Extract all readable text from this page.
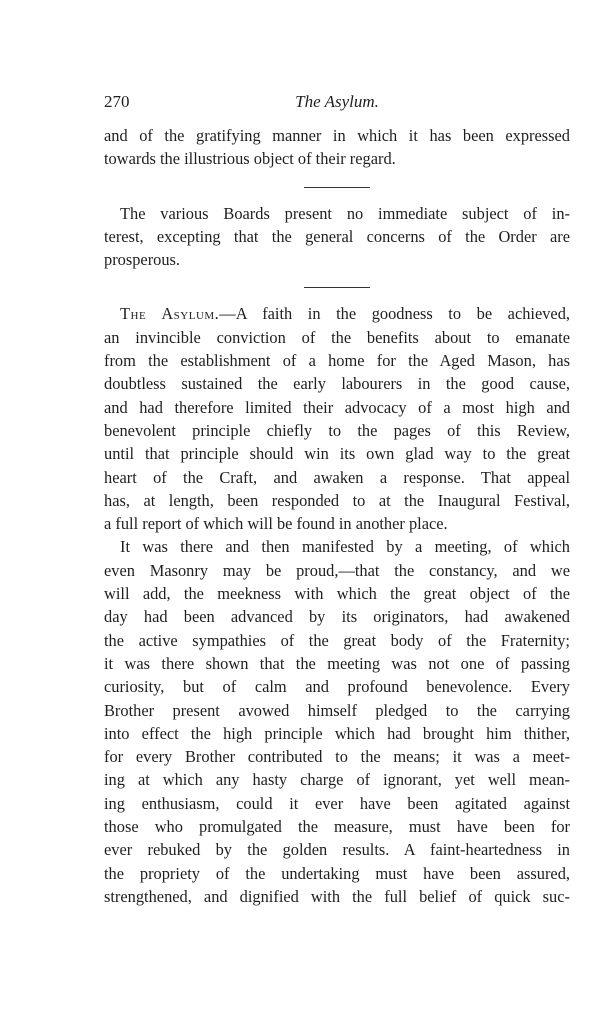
270	The Asylum.
and of the gratifying manner in which it has been expressed
towards the illustrious object of their regard.
The various Boards present no immediate subject of in-
terest, excepting that the general concerns of the Order are
prosperous.
The Asylum.—A faith in the goodness to be achieved,
an invincible conviction of the benefits about to emanate
from the establishment of a home for the Aged Mason, has
doubtless sustained the early labourers in the good cause,
and had therefore limited their advocacy of a most high and
benevolent principle chiefly to the pages of this Review,
until that principle should win its own glad way to the great
heart of the Craft, and awaken a response. That appeal
has, at length, been responded to at the Inaugural Festival,
a full report of which will be found in another place.
It was there and then manifested by a meeting, of which
even Masonry may be proud,—that the constancy, and we
will add, the meekness with which the great object of the
day had been advanced by its originators, had awakened
the active sympathies of the great body of the Fraternity;
it was there shown that the meeting was not one of passing
curiosity, but of calm and profound benevolence. Every
Brother present avowed himself pledged to the carrying
into effect the high principle which had brought him thither,
for every Brother contributed to the means; it was a meet-
ing at which any hasty charge of ignorant, yet well mean-
ing enthusiasm, could it ever have been agitated against
those who promulgated the measure, must have been for
ever rebuked by the golden results. A faint-heartedness in
the propriety of the undertaking must have been assured,
strengthened, and dignified with the full belief of quick suc-
